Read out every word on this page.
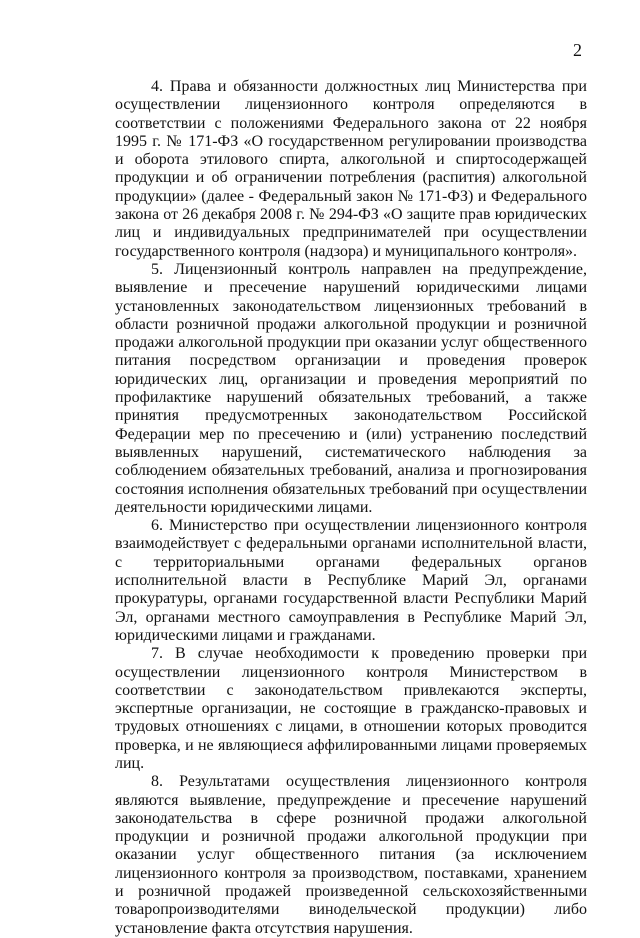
2

4. Права и обязанности должностных лиц Министерства при осуществлении лицензионного контроля определяются в соответствии с положениями Федерального закона от 22 ноября 1995 г. № 171-ФЗ «О государственном регулировании производства и оборота этилового спирта, алкогольной и спиртосодержащей продукции и об ограничении потребления (распития) алкогольной продукции» (далее - Федеральный закон № 171-ФЗ) и Федерального закона от 26 декабря 2008 г. № 294-ФЗ «О защите прав юридических лиц и индивидуальных предпринимателей при осуществлении государственного контроля (надзора) и муниципального контроля».

5. Лицензионный контроль направлен на предупреждение, выявление и пресечение нарушений юридическими лицами установленных законодательством лицензионных требований в области розничной продажи алкогольной продукции и розничной продажи алкогольной продукции при оказании услуг общественного питания посредством организации и проведения проверок юридических лиц, организации и проведения мероприятий по профилактике нарушений обязательных требований, а также принятия предусмотренных законодательством Российской Федерации мер по пресечению и (или) устранению последствий выявленных нарушений, систематического наблюдения за соблюдением обязательных требований, анализа и прогнозирования состояния исполнения обязательных требований при осуществлении деятельности юридическими лицами.

6. Министерство при осуществлении лицензионного контроля взаимодействует с федеральными органами исполнительной власти, с территориальными органами федеральных органов исполнительной власти в Республике Марий Эл, органами прокуратуры, органами государственной власти Республики Марий Эл, органами местного самоуправления в Республике Марий Эл, юридическими лицами и гражданами.

7. В случае необходимости к проведению проверки при осуществлении лицензионного контроля Министерством в соответствии с законодательством привлекаются эксперты, экспертные организации, не состоящие в гражданско-правовых и трудовых отношениях с лицами, в отношении которых проводится проверка, и не являющиеся аффилированными лицами проверяемых лиц.

8. Результатами осуществления лицензионного контроля являются выявление, предупреждение и пресечение нарушений законодательства в сфере розничной продажи алкогольной продукции и розничной продажи алкогольной продукции при оказании услуг общественного питания (за исключением лицензионного контроля за производством, поставками, хранением и розничной продажей произведенной сельскохозяйственными товаропроизводителями винодельческой продукции) либо установление факта отсутствия нарушения.
